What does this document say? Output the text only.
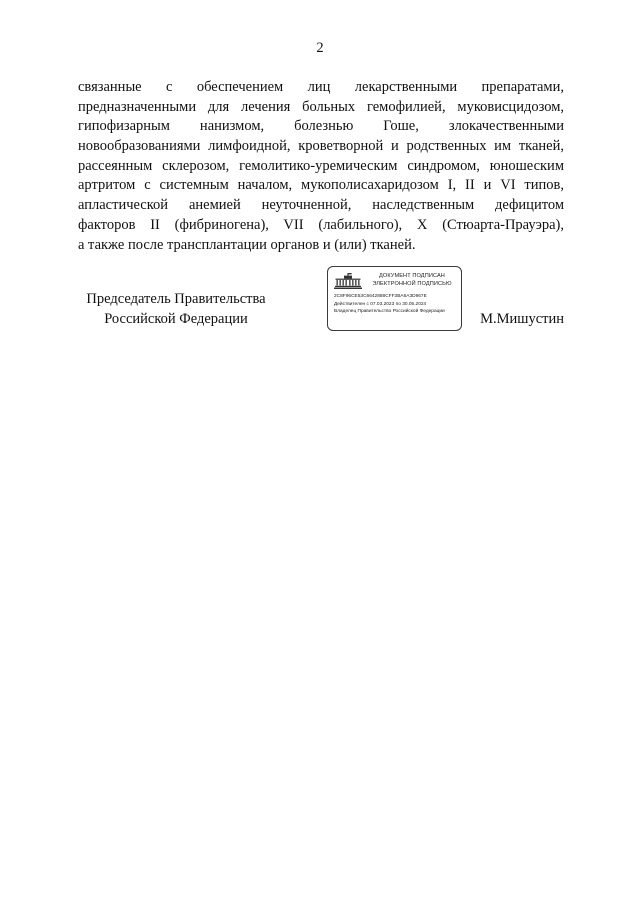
2

связанные с обеспечением лиц лекарственными препаратами,
предназначенными для лечения больных гемофилией, муковисцидозом,
гипофизарным нанизмом, болезнью Гоше, злокачественными
новообразованиями лимфоидной, кроветворной и родственных им тканей,
рассеянным склерозом, гемолитико-уремическим синдромом, юношеским
артритом с системным началом, мукополисахаридозом I, II и VI типов,
апластической анемией неуточненной, наследственным дефицитом
факторов II (фибриногена), VII (лабильного), X (Стюарта-Прауэра),
а также после трансплантации органов и (или) тканей.

Председатель Правительства
Российской Федерации
ДОКУМЕНТ ПОДПИСАН
ЭЛЕКТРОННОЙ ПОДПИСЬЮ
2C8F96CE53C6642888CFF3BA6A3D967E
Действителен с 07.03.2023 по 30.05.2024
Владелец Правительство Российской Федерации	М.Мишустин
